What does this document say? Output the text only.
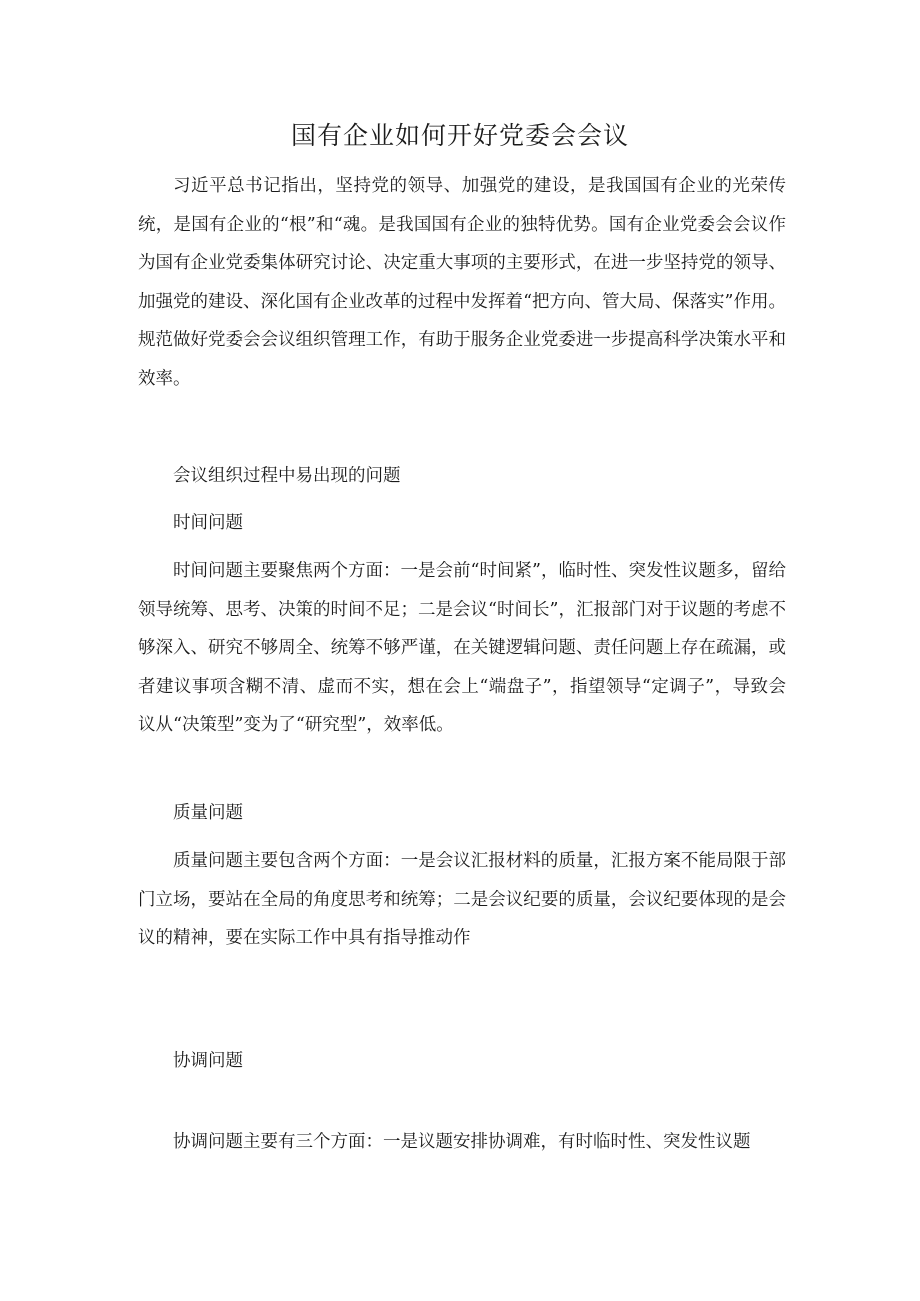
国有企业如何开好党委会会议

习近平总书记指出，坚持党的领导、加强党的建设，是我国国有企业的光荣传统，是国有企业的“根”和“魂。是我国国有企业的独特优势。国有企业党委会会议作为国有企业党委集体研究讨论、决定重大事项的主要形式，在进一步坚持党的领导、加强党的建设、深化国有企业改革的过程中发挥着“把方向、管大局、保落实”作用。规范做好党委会会议组织管理工作，有助于服务企业党委进一步提高科学决策水平和效率。

会议组织过程中易出现的问题

时间问题

时间问题主要聚焦两个方面：一是会前“时间紧”，临时性、突发性议题多，留给领导统筹、思考、决策的时间不足；二是会议“时间长”，汇报部门对于议题的考虑不够深入、研究不够周全、统筹不够严谨，在关键逻辑问题、责任问题上存在疏漏，或者建议事项含糊不清、虚而不实，想在会上“端盘子”，指望领导“定调子”，导致会议从“决策型”变为了“研究型”，效率低。

质量问题

质量问题主要包含两个方面：一是会议汇报材料的质量，汇报方案不能局限于部门立场，要站在全局的角度思考和统筹；二是会议纪要的质量，会议纪要体现的是会议的精神，要在实际工作中具有指导推动作

协调问题

协调问题主要有三个方面：一是议题安排协调难，有时临时性、突发性议题
